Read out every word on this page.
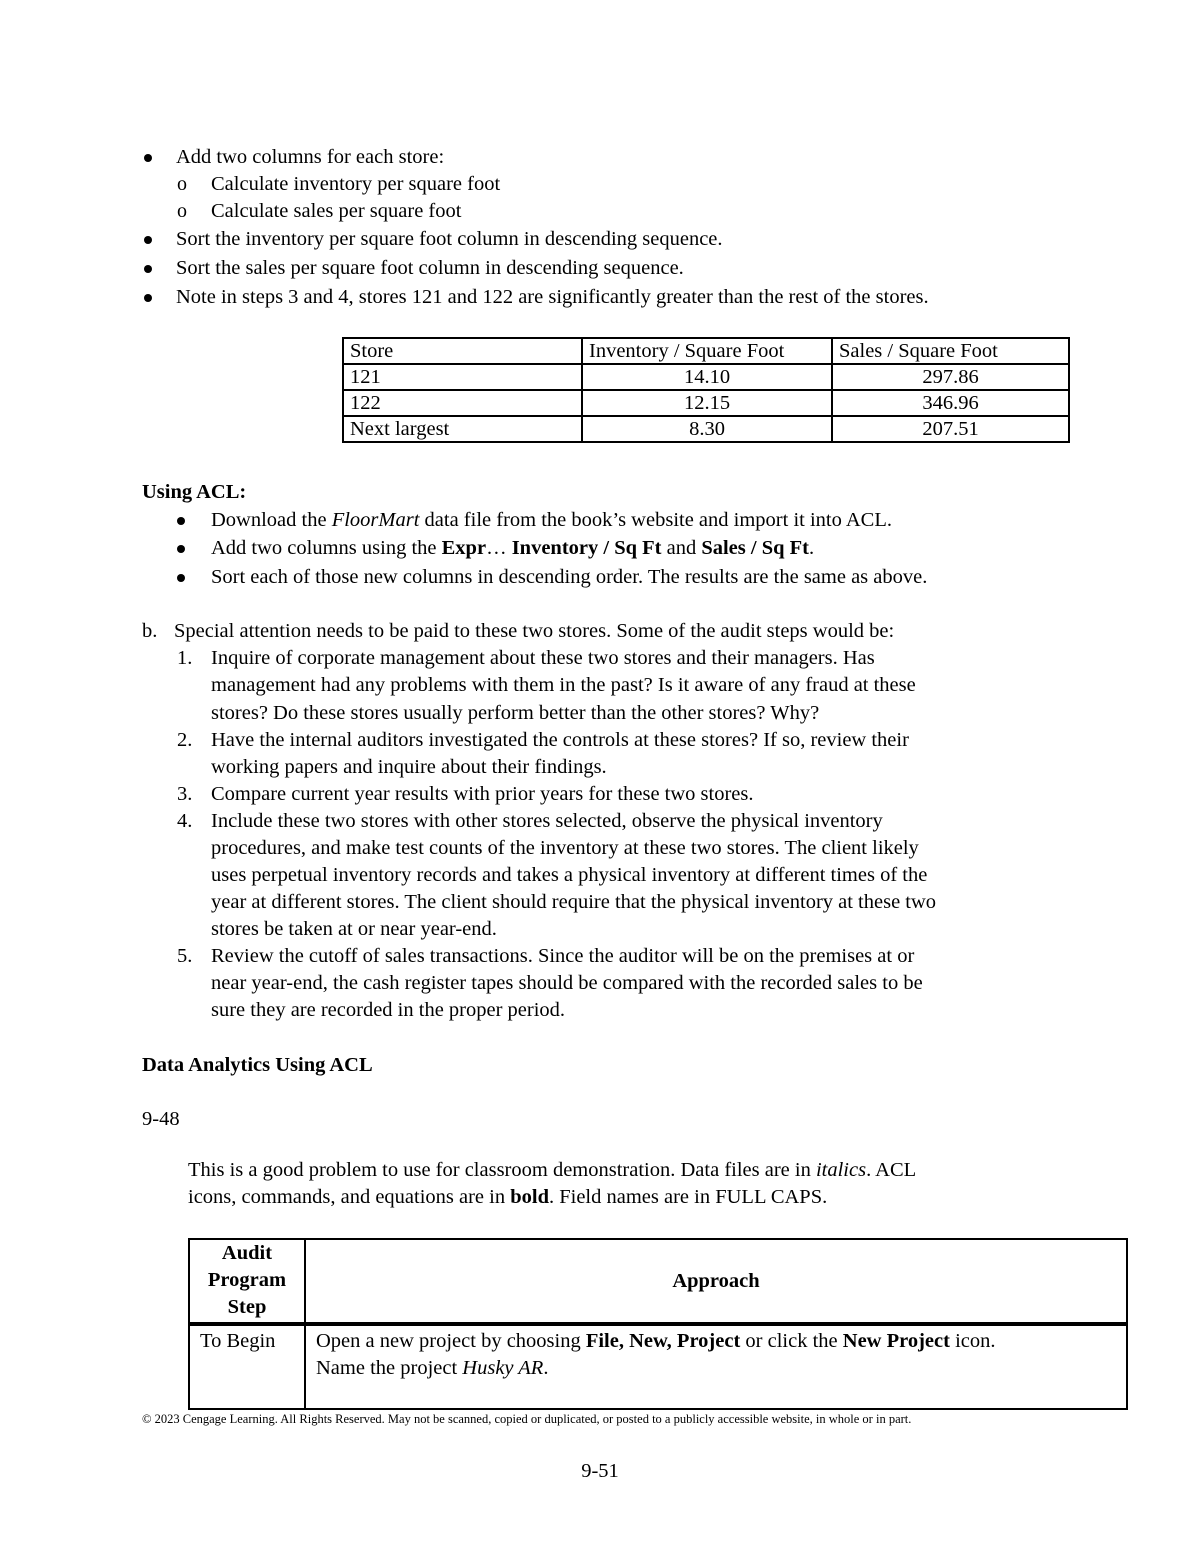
Add two columns for each store:
o Calculate inventory per square foot
o Calculate sales per square foot
Sort the inventory per square foot column in descending sequence.
Sort the sales per square foot column in descending sequence.
Note in steps 3 and 4, stores 121 and 122 are significantly greater than the rest of the stores.
Store	Inventory / Square Foot	Sales / Square Foot
121	14.10	297.86
122	12.15	346.96
Next largest	8.30	207.51
Using ACL:
Download the FloorMart data file from the book’s website and import it into ACL.
Add two columns using the Expr… Inventory / Sq Ft and Sales / Sq Ft.
Sort each of those new columns in descending order. The results are the same as above.
b. Special attention needs to be paid to these two stores. Some of the audit steps would be:
1. Inquire of corporate management about these two stores and their managers. Has
management had any problems with them in the past? Is it aware of any fraud at these
stores? Do these stores usually perform better than the other stores? Why?
2. Have the internal auditors investigated the controls at these stores? If so, review their
working papers and inquire about their findings.
3. Compare current year results with prior years for these two stores.
4. Include these two stores with other stores selected, observe the physical inventory
procedures, and make test counts of the inventory at these two stores. The client likely
uses perpetual inventory records and takes a physical inventory at different times of the
year at different stores. The client should require that the physical inventory at these two
stores be taken at or near year-end.
5. Review the cutoff of sales transactions. Since the auditor will be on the premises at or
near year-end, the cash register tapes should be compared with the recorded sales to be
sure they are recorded in the proper period.
Data Analytics Using ACL
9-48
This is a good problem to use for classroom demonstration. Data files are in italics. ACL
icons, commands, and equations are in bold. Field names are in FULL CAPS.
Audit
Program
Step	Approach
To Begin	Open a new project by choosing File, New, Project or click the New Project icon.
Name the project Husky AR.
© 2023 Cengage Learning. All Rights Reserved. May not be scanned, copied or duplicated, or posted to a publicly accessible website, in whole or in part.
9-51
